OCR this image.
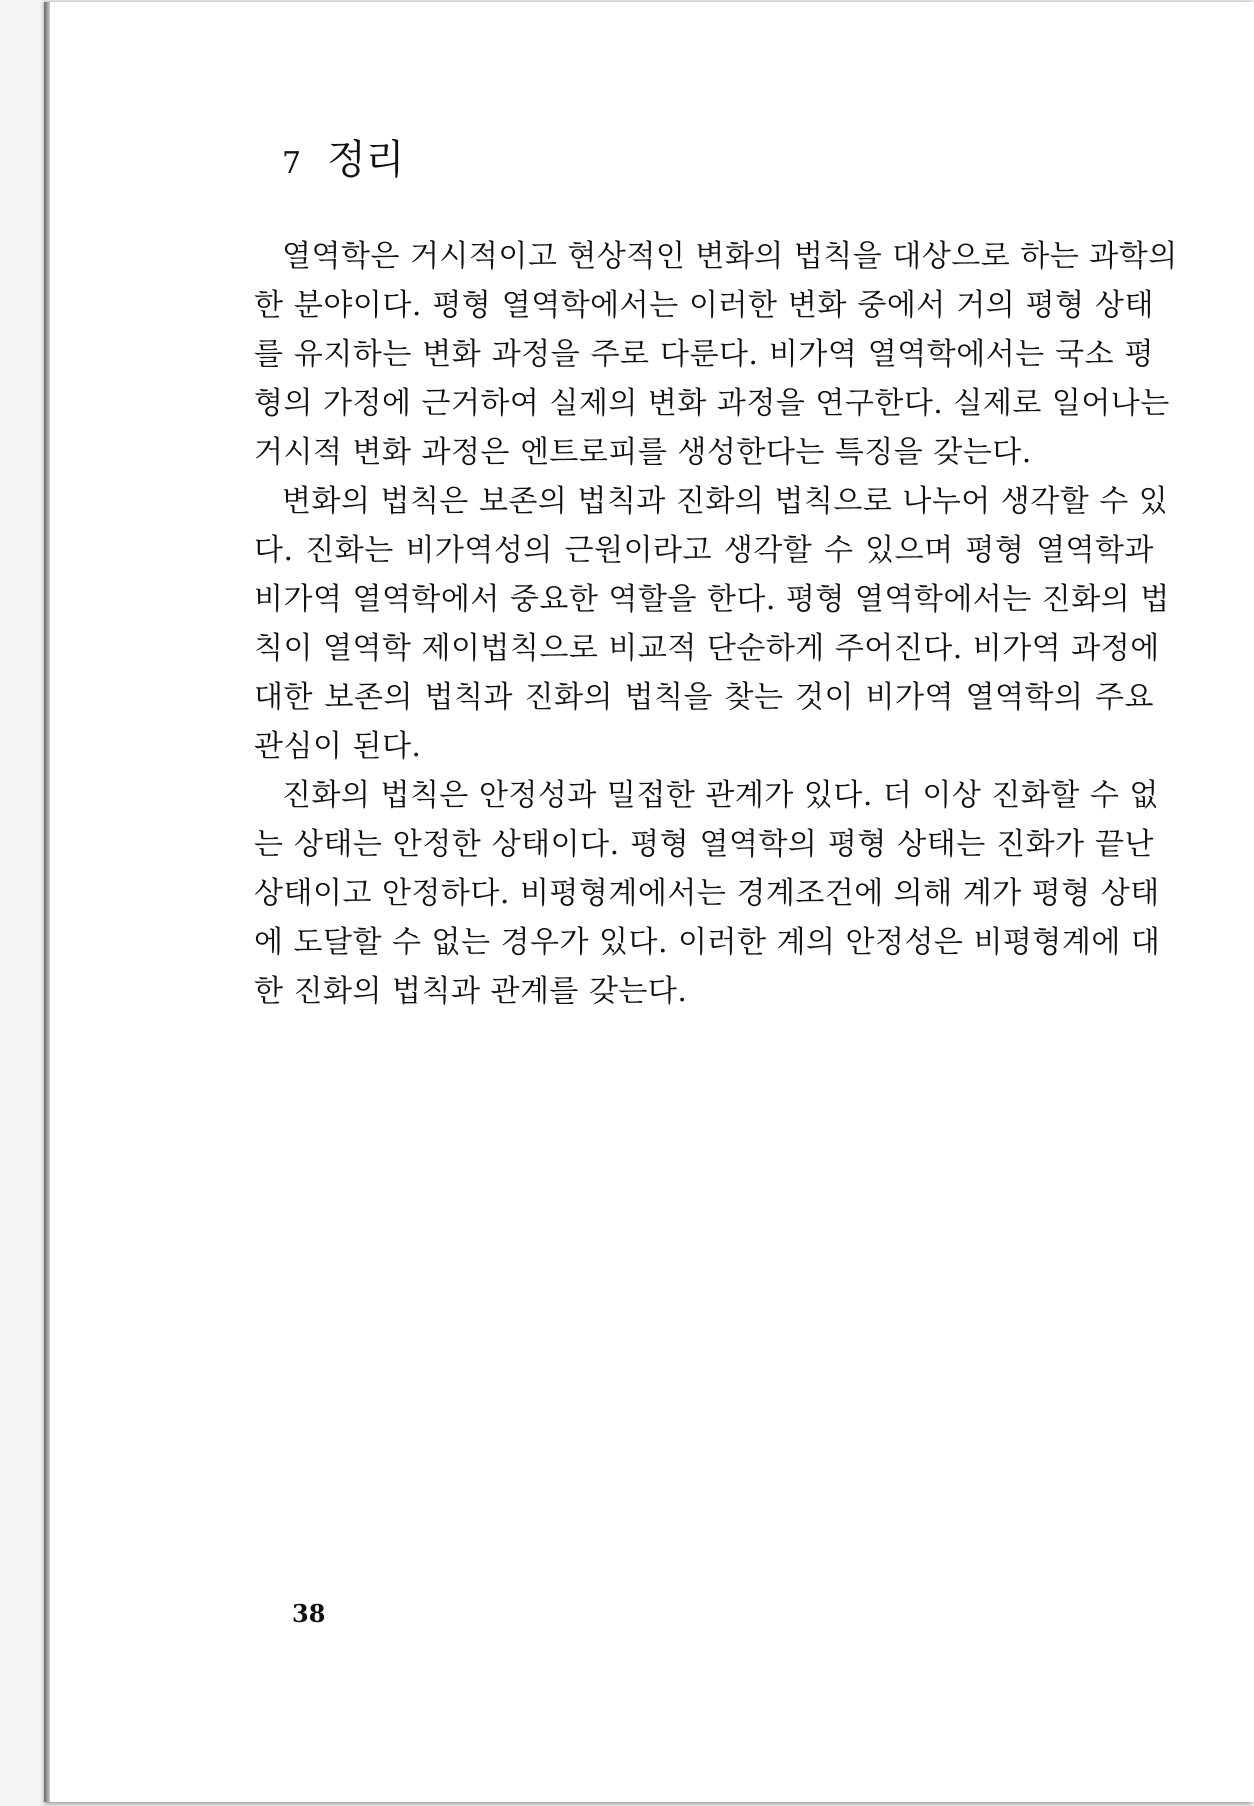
7 정리
열역학은 거시적이고 현상적인 변화의 법칙을 대상으로 하는 과학의
한 분야이다. 평형 열역학에서는 이러한 변화 중에서 거의 평형 상태
를 유지하는 변화 과정을 주로 다룬다. 비가역 열역학에서는 국소 평
형의 가정에 근거하여 실제의 변화 과정을 연구한다. 실제로 일어나는
거시적 변화 과정은 엔트로피를 생성한다는 특징을 갖는다.
변화의 법칙은 보존의 법칙과 진화의 법칙으로 나누어 생각할 수 있
다. 진화는 비가역성의 근원이라고 생각할 수 있으며 평형 열역학과
비가역 열역학에서 중요한 역할을 한다. 평형 열역학에서는 진화의 법
칙이 열역학 제이법칙으로 비교적 단순하게 주어진다. 비가역 과정에
대한 보존의 법칙과 진화의 법칙을 찾는 것이 비가역 열역학의 주요
관심이 된다.
진화의 법칙은 안정성과 밀접한 관계가 있다. 더 이상 진화할 수 없
는 상태는 안정한 상태이다. 평형 열역학의 평형 상태는 진화가 끝난
상태이고 안정하다. 비평형계에서는 경계조건에 의해 계가 평형 상태
에 도달할 수 없는 경우가 있다. 이러한 계의 안정성은 비평형계에 대
한 진화의 법칙과 관계를 갖는다.
38
